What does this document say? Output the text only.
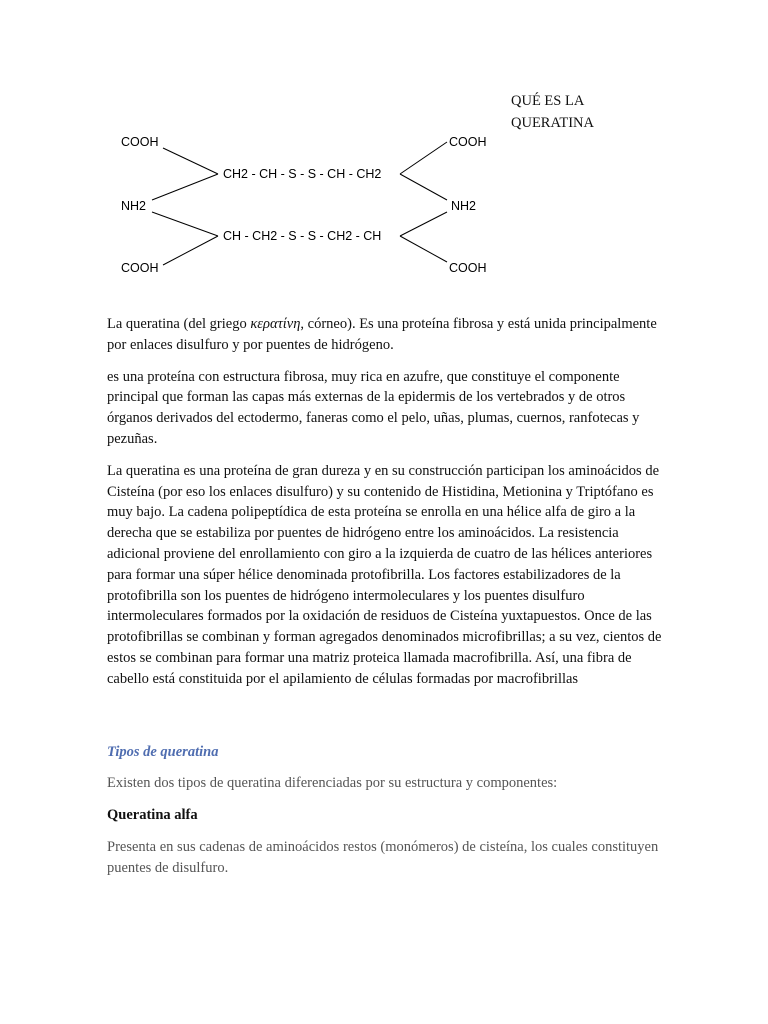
QUÉ ES LA
QUERATINA
COOH	COOH
CH2 - CH - S - S - CH - CH2
NH2	NH2
CH - CH2 - S - S - CH2 - CH
COOH	COOH

La queratina (del griego κερατίνη, córneo). Es una proteína fibrosa y está unida principalmente por enlaces disulfuro y por puentes de hidrógeno.

es una proteína con estructura fibrosa, muy rica en azufre, que constituye el componente principal que forman las capas más externas de la epidermis de los vertebrados y de otros órganos derivados del ectodermo, faneras como el pelo, uñas, plumas, cuernos, ranfotecas y pezuñas.

La queratina es una proteína de gran dureza y en su construcción participan los aminoácidos de Cisteína (por eso los enlaces disulfuro) y su contenido de Histidina, Metionina y Triptófano es muy bajo. La cadena polipeptídica de esta proteína se enrolla en una hélice alfa de giro a la derecha que se estabiliza por puentes de hidrógeno entre los aminoácidos. La resistencia adicional proviene del enrollamiento con giro a la izquierda de cuatro de las hélices anteriores para formar una súper hélice denominada protofibrilla. Los factores estabilizadores de la protofibrilla son los puentes de hidrógeno intermoleculares y los puentes disulfuro intermoleculares formados por la oxidación de residuos de Cisteína yuxtapuestos. Once de las protofibrillas se combinan y forman agregados denominados microfibrillas; a su vez, cientos de estos se combinan para formar una matriz proteica llamada macrofibrilla. Así, una fibra de cabello está constituida por el apilamiento de células formadas por macrofibrillas

Tipos de queratina

Existen dos tipos de queratina diferenciadas por su estructura y componentes:

Queratina alfa

Presenta en sus cadenas de aminoácidos restos (monómeros) de cisteína, los cuales constituyen puentes de disulfuro.
